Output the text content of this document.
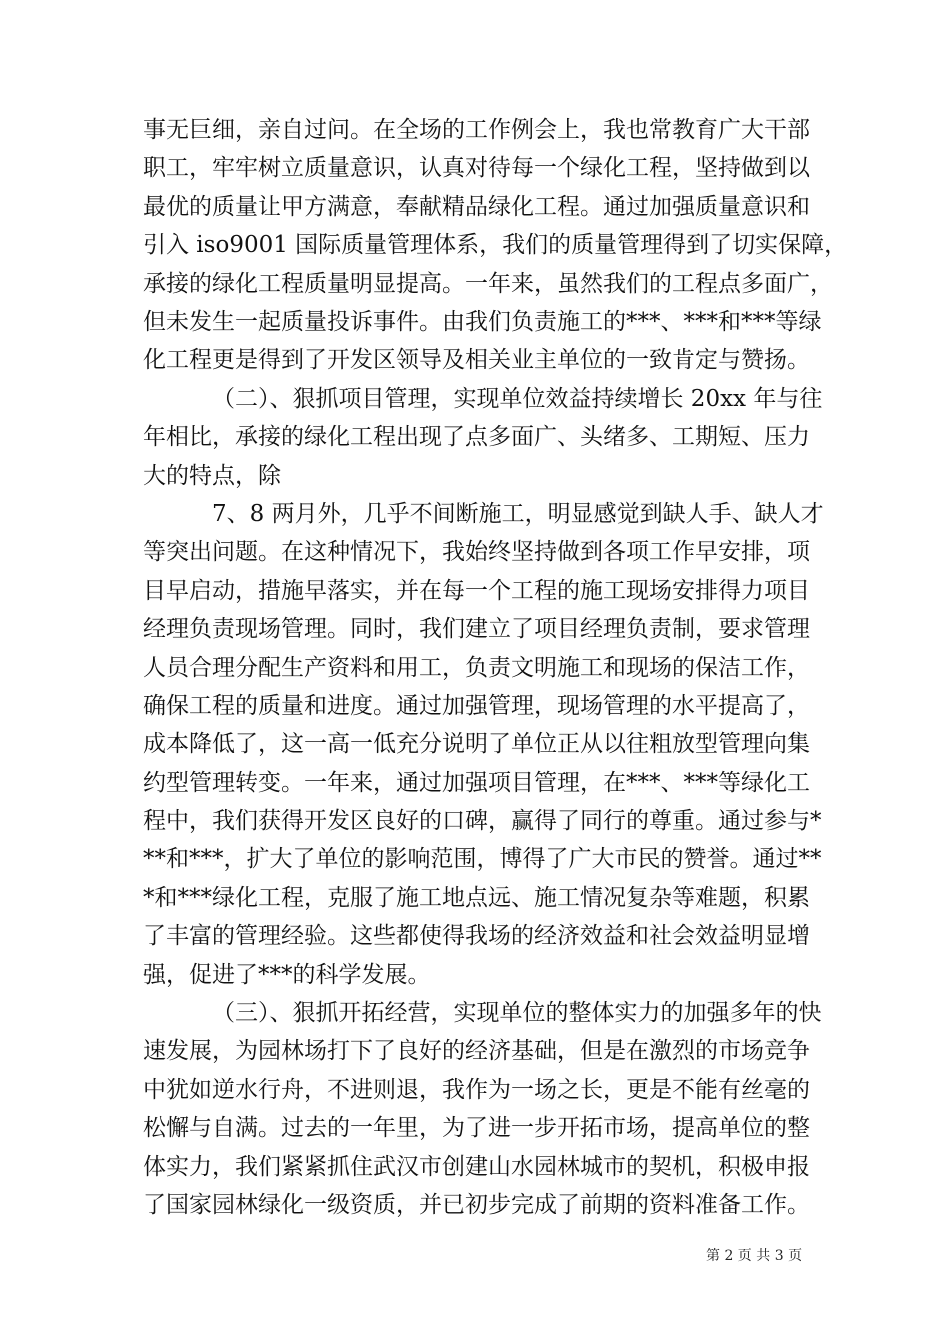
事无巨细，亲自过问。在全场的工作例会上，我也常教育广大干部
职工，牢牢树立质量意识，认真对待每一个绿化工程，坚持做到以
最优的质量让甲方满意，奉献精品绿化工程。通过加强质量意识和
引入 iso9001 国际质量管理体系，我们的质量管理得到了切实保障，
承接的绿化工程质量明显提高。一年来，虽然我们的工程点多面广，
但未发生一起质量投诉事件。由我们负责施工的***、***和***等绿
化工程更是得到了开发区领导及相关业主单位的一致肯定与赞扬。
（二）、狠抓项目管理，实现单位效益持续增长 20xx 年与往
年相比，承接的绿化工程出现了点多面广、头绪多、工期短、压力
大的特点，除
7、8 两月外，几乎不间断施工，明显感觉到缺人手、缺人才
等突出问题。在这种情况下，我始终坚持做到各项工作早安排，项
目早启动，措施早落实，并在每一个工程的施工现场安排得力项目
经理负责现场管理。同时，我们建立了项目经理负责制，要求管理
人员合理分配生产资料和用工，负责文明施工和现场的保洁工作，
确保工程的质量和进度。通过加强管理，现场管理的水平提高了，
成本降低了，这一高一低充分说明了单位正从以往粗放型管理向集
约型管理转变。一年来，通过加强项目管理，在***、***等绿化工
程中，我们获得开发区良好的口碑，赢得了同行的尊重。通过参与*
**和***，扩大了单位的影响范围，博得了广大市民的赞誉。通过**
*和***绿化工程，克服了施工地点远、施工情况复杂等难题，积累
了丰富的管理经验。这些都使得我场的经济效益和社会效益明显增
强，促进了***的科学发展。
（三）、狠抓开拓经营，实现单位的整体实力的加强多年的快
速发展，为园林场打下了良好的经济基础，但是在激烈的市场竞争
中犹如逆水行舟，不进则退，我作为一场之长，更是不能有丝毫的
松懈与自满。过去的一年里，为了进一步开拓市场，提高单位的整
体实力，我们紧紧抓住武汉市创建山水园林城市的契机，积极申报
了国家园林绿化一级资质，并已初步完成了前期的资料准备工作。
第 2 页 共 3 页
